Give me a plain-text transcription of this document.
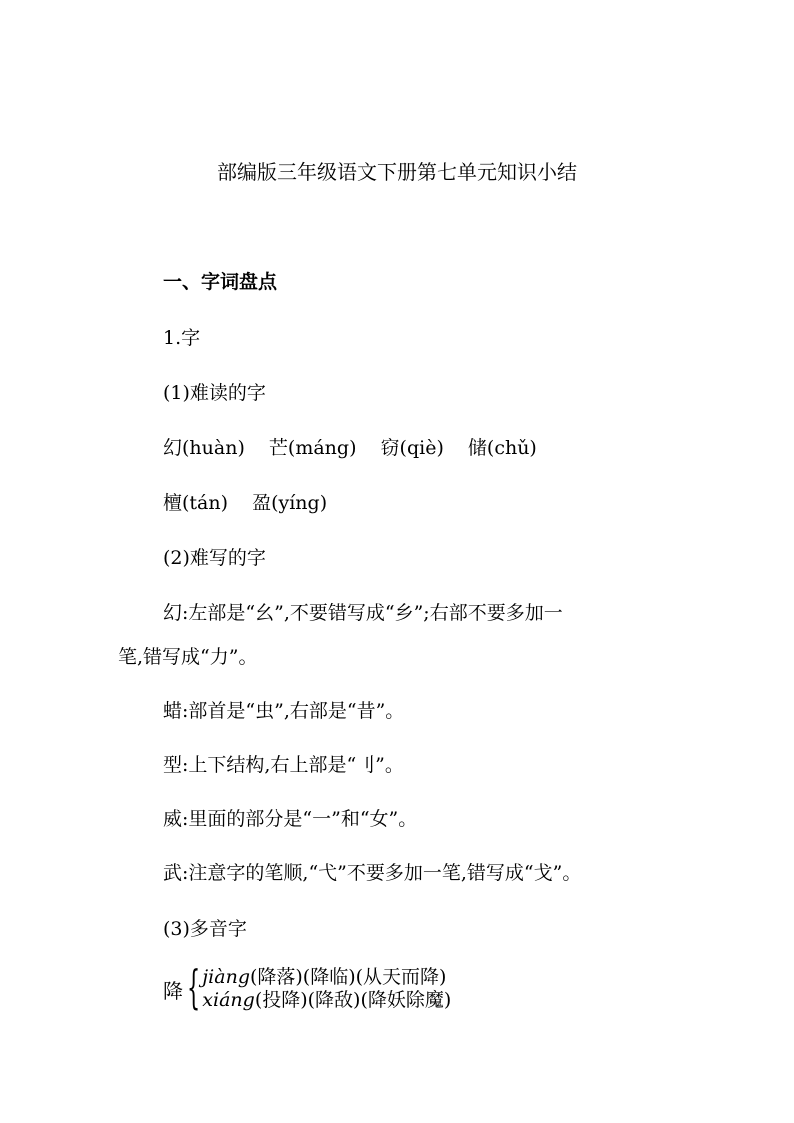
部编版三年级语文下册第七单元知识小结
一、字词盘点
1.字
(1)难读的字
幻(huàn) 芒(máng) 窃(qiè) 储(chǔ)
檀(tán) 盈(yíng)
(2)难写的字
幻:左部是“幺”,不要错写成“乡”;右部不要多加一
笔,错写成“力”。
蜡:部首是“虫”,右部是“昔”。
型:上下结构,右上部是“刂”。
威:里面的部分是“一”和“女”。
武:注意字的笔顺,“弋”不要多加一笔,错写成“戈”。
(3)多音字
降 { jiàng(降落)(降临)(从天而降)
xiáng(投降)(降敌)(降妖除魔)
